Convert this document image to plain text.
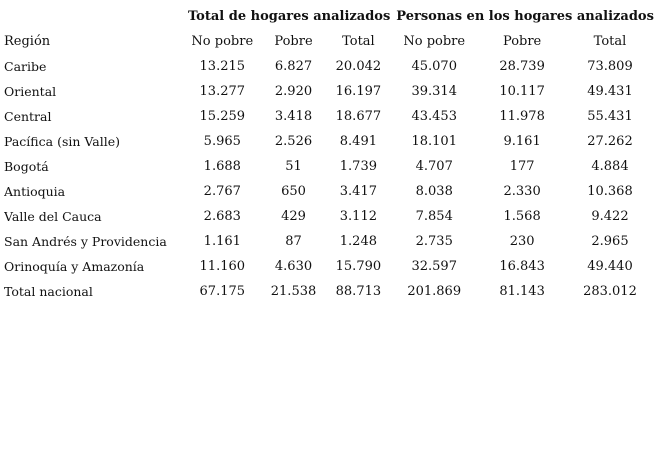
	Total de hogares analizados			Personas en los hogares analizados		
Región	No pobre	Pobre	Total	No pobre	Pobre	Total
Caribe	13.215	6.827	20.042	45.070	28.739	73.809
Oriental	13.277	2.920	16.197	39.314	10.117	49.431
Central	15.259	3.418	18.677	43.453	11.978	55.431
Pacífica (sin Valle)	5.965	2.526	8.491	18.101	9.161	27.262
Bogotá	1.688	51	1.739	4.707	177	4.884
Antioquia	2.767	650	3.417	8.038	2.330	10.368
Valle del Cauca	2.683	429	3.112	7.854	1.568	9.422
San Andrés y Providencia	1.161	87	1.248	2.735	230	2.965
Orinoquía y Amazonía	11.160	4.630	15.790	32.597	16.843	49.440
Total nacional	67.175	21.538	88.713	201.869	81.143	283.012
